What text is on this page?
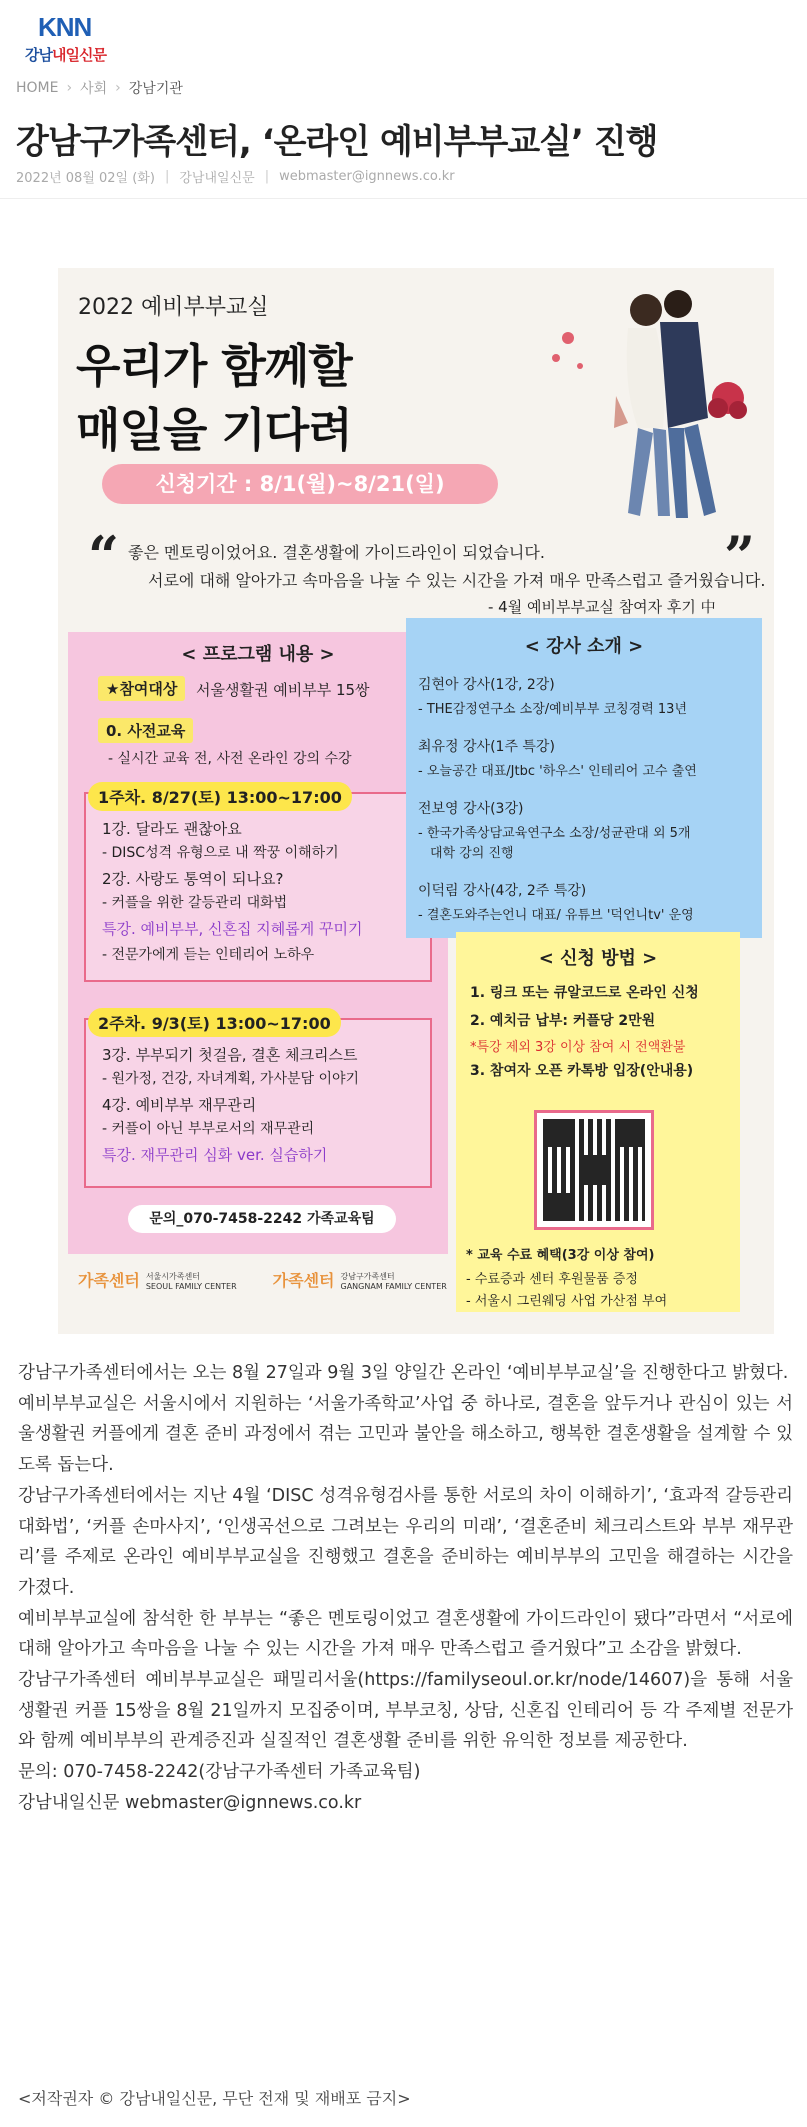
KNN
강남내일신문
HOME › 사회 › 강남기관
강남구가족센터, ‘온라인 예비부부교실’ 진행
2022년 08월 02일 (화) | 강남내일신문 | webmaster@ignnews.co.kr
2022 예비부부교실
우리가 함께할
매일을 기다려
신청기간 : 8/1(월)~8/21(일)
“	”
좋은 멘토링이었어요. 결혼생활에 가이드라인이 되었습니다.
서로에 대해 알아가고 속마음을 나눌 수 있는 시간을 가져 매우 만족스럽고 즐거웠습니다.
- 4월 예비부부교실 참여자 후기 中
< 프로그램 내용 >
★참여대상	서울생활권 예비부부 15쌍
0. 사전교육
- 실시간 교육 전, 사전 온라인 강의 수강
1주차. 8/27(토) 13:00~17:00
1강. 달라도 괜찮아요
- DISC성격 유형으로 내 짝꿍 이해하기
2강. 사랑도 통역이 되나요?
- 커플을 위한 갈등관리 대화법
특강. 예비부부, 신혼집 지혜롭게 꾸미기
- 전문가에게 듣는 인테리어 노하우
2주차. 9/3(토) 13:00~17:00
3강. 부부되기 첫걸음, 결혼 체크리스트
- 원가정, 건강, 자녀계획, 가사분담 이야기
4강. 예비부부 재무관리
- 커플이 아닌 부부로서의 재무관리
특강. 재무관리 심화 ver. 실습하기
문의_070-7458-2242 가족교육팀
< 강사 소개 >
김현아 강사(1강, 2강)
- THE감정연구소 소장/예비부부 코칭경력 13년
최유정 강사(1주 특강)
- 오늘공간 대표/Jtbc '하우스' 인테리어 고수 출연
전보영 강사(3강)
- 한국가족상담교육연구소 소장/성균관대 외 5개
대학 강의 진행
이덕림 강사(4강, 2주 특강)
- 결혼도와주는언니 대표/ 유튜브 '덕언니tv' 운영
< 신청 방법 >
1. 링크 또는 큐알코드로 온라인 신청
2. 예치금 납부: 커플당 2만원
*특강 제외 3강 이상 참여 시 전액환불
3. 참여자 오픈 카톡방 입장(안내용)
* 교육 수료 혜택(3강 이상 참여)
- 수료증과 센터 후원물품 증정
- 서울시 그린웨딩 사업 가산점 부여
가족센터 서울시가족센터
SEOUL FAMILY CENTER 가족센터 강남구가족센터
GANGNAM FAMILY CENTER

강남구가족센터에서는 오는 8월 27일과 9월 3일 양일간 온라인 ‘예비부부교실’을 진행한다고 밝혔다.

예비부부교실은 서울시에서 지원하는 ‘서울가족학교’사업 중 하나로, 결혼을 앞두거나 관심이 있는 서울생활권 커플에게 결혼 준비 과정에서 겪는 고민과 불안을 해소하고, 행복한 결혼생활을 설계할 수 있도록 돕는다.

강남구가족센터에서는 지난 4월 ‘DISC 성격유형검사를 통한 서로의 차이 이해하기’, ‘효과적 갈등관리 대화법’, ‘커플 손마사지’, ‘인생곡선으로 그려보는 우리의 미래’, ‘결혼준비 체크리스트와 부부 재무관리’를 주제로 온라인 예비부부교실을 진행했고 결혼을 준비하는 예비부부의 고민을 해결하는 시간을 가졌다.

예비부부교실에 참석한 한 부부는 “좋은 멘토링이었고 결혼생활에 가이드라인이 됐다”라면서 “서로에 대해 알아가고 속마음을 나눌 수 있는 시간을 가져 매우 만족스럽고 즐거웠다”고 소감을 밝혔다.

강남구가족센터 예비부부교실은 패밀리서울(https://familyseoul.or.kr/node/14607)을 통해 서울생활권 커플 15쌍을 8월 21일까지 모집중이며, 부부코칭, 상담, 신혼집 인테리어 등 각 주제별 전문가와 함께 예비부부의 관계증진과 실질적인 결혼생활 준비를 위한 유익한 정보를 제공한다.

문의: 070-7458-2242(강남구가족센터 가족교육팀)

강남내일신문 webmaster@ignnews.co.kr

<저작권자 © 강남내일신문, 무단 전재 및 재배포 금지>
